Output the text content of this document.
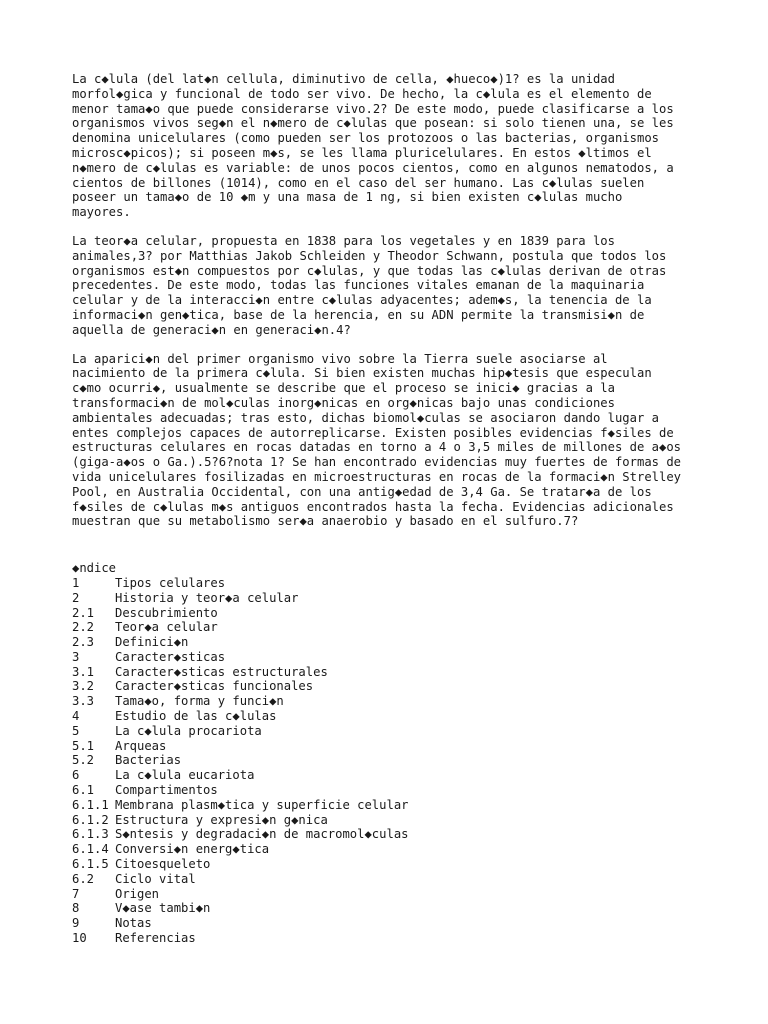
La c◆lula (del lat◆n cellula, diminutivo de cella, ◆hueco◆)1? es la unidad
morfol◆gica y funcional de todo ser vivo. De hecho, la c◆lula es el elemento de
menor tama◆o que puede considerarse vivo.2? De este modo, puede clasificarse a los
organismos vivos seg◆n el n◆mero de c◆lulas que posean: si solo tienen una, se les
denomina unicelulares (como pueden ser los protozoos o las bacterias, organismos
microsc◆picos); si poseen m◆s, se les llama pluricelulares. En estos ◆ltimos el
n◆mero de c◆lulas es variable: de unos pocos cientos, como en algunos nematodos, a
cientos de billones (1014), como en el caso del ser humano. Las c◆lulas suelen
poseer un tama◆o de 10 ◆m y una masa de 1 ng, si bien existen c◆lulas mucho
mayores.
La teor◆a celular, propuesta en 1838 para los vegetales y en 1839 para los
animales,3? por Matthias Jakob Schleiden y Theodor Schwann, postula que todos los
organismos est◆n compuestos por c◆lulas, y que todas las c◆lulas derivan de otras
precedentes. De este modo, todas las funciones vitales emanan de la maquinaria
celular y de la interacci◆n entre c◆lulas adyacentes; adem◆s, la tenencia de la
informaci◆n gen◆tica, base de la herencia, en su ADN permite la transmisi◆n de
aquella de generaci◆n en generaci◆n.4?
La aparici◆n del primer organismo vivo sobre la Tierra suele asociarse al
nacimiento de la primera c◆lula. Si bien existen muchas hip◆tesis que especulan
c◆mo ocurri◆, usualmente se describe que el proceso se inici◆ gracias a la
transformaci◆n de mol◆culas inorg◆nicas en org◆nicas bajo unas condiciones
ambientales adecuadas; tras esto, dichas biomol◆culas se asociaron dando lugar a
entes complejos capaces de autorreplicarse. Existen posibles evidencias f◆siles de
estructuras celulares en rocas datadas en torno a 4 o 3,5 miles de millones de a◆os
(giga-a◆os o Ga.).5?6?nota 1? Se han encontrado evidencias muy fuertes de formas de
vida unicelulares fosilizadas en microestructuras en rocas de la formaci◆n Strelley
Pool, en Australia Occidental, con una antig◆edad de 3,4 Ga. Se tratar◆a de los
f◆siles de c◆lulas m◆s antiguos encontrados hasta la fecha. Evidencias adicionales
muestran que su metabolismo ser◆a anaerobio y basado en el sulfuro.7?
◆ndice
1	Tipos celulares
2	Historia y teor◆a celular
2.1	Descubrimiento
2.2	Teor◆a celular
2.3	Definici◆n
3	Caracter◆sticas
3.1	Caracter◆sticas estructurales
3.2	Caracter◆sticas funcionales
3.3	Tama◆o, forma y funci◆n
4	Estudio de las c◆lulas
5	La c◆lula procariota
5.1	Arqueas
5.2	Bacterias
6	La c◆lula eucariota
6.1	Compartimentos
6.1.1 Membrana plasm◆tica y superficie celular
6.1.2 Estructura y expresi◆n g◆nica
6.1.3 S◆ntesis y degradaci◆n de macromol◆culas
6.1.4 Conversi◆n energ◆tica
6.1.5 Citoesqueleto
6.2	Ciclo vital
7	Origen
8	V◆ase tambi◆n
9	Notas
10	Referencias
